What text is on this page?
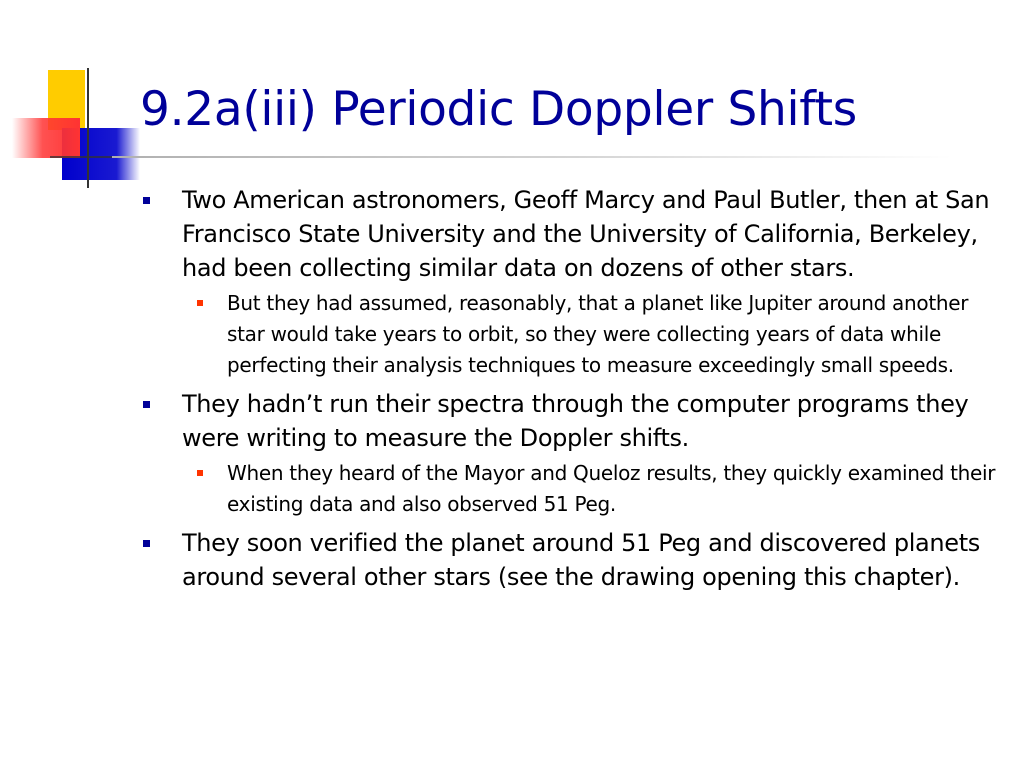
9.2a(iii) Periodic Doppler Shifts
Two American astronomers, Geoff Marcy and Paul Butler, then at San Francisco State University and the University of California, Berkeley, had been collecting similar data on dozens of other stars.
But they had assumed, reasonably, that a planet like Jupiter around another star would take years to orbit, so they were collecting years of data while perfecting their analysis techniques to measure exceedingly small speeds.
They hadn’t run their spectra through the computer programs they were writing to measure the Doppler shifts.
When they heard of the Mayor and Queloz results, they quickly examined their existing data and also observed 51 Peg.
They soon verified the planet around 51 Peg and discovered planets around several other stars (see the drawing opening this chapter).
